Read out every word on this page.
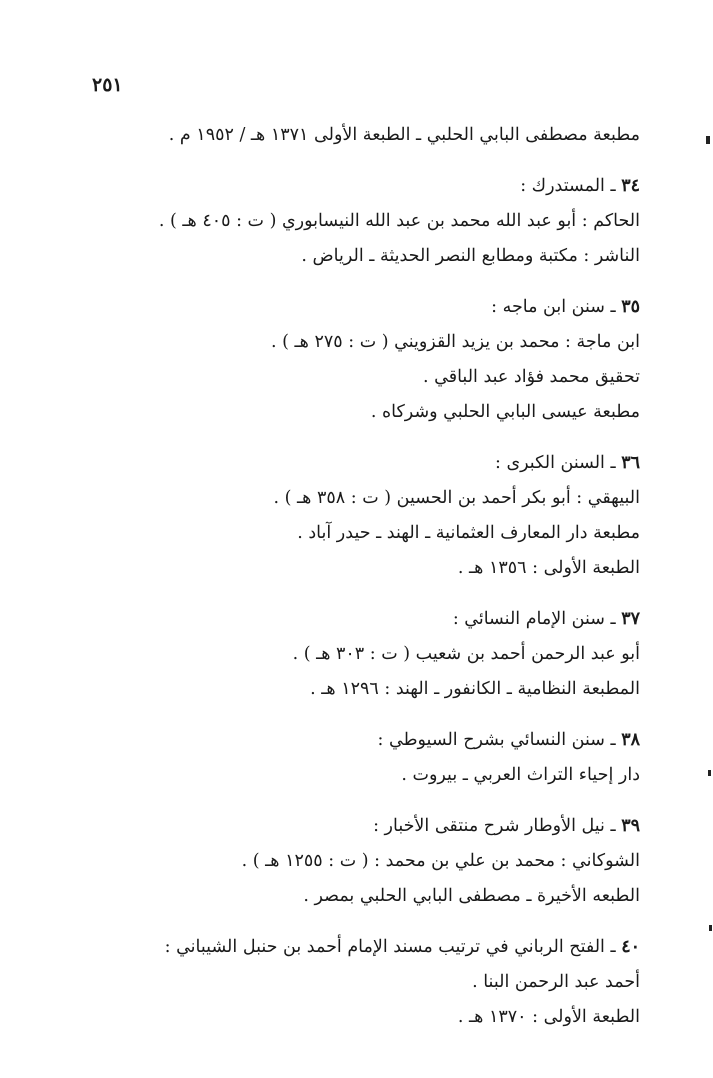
٢٥١
مطبعة مصطفى البابي الحلبي ـ الطبعة الأولى ١٣٧١ هـ / ١٩٥٢ م .
٣٤ ـ المستدرك :
الحاكم : أبو عبد الله محمد بن عبد الله النيسابوري ( ت : ٤٠٥ هـ ) .
الناشر : مكتبة ومطابع النصر الحديثة ـ الرياض .
٣٥ ـ سنن ابن ماجه :
ابن ماجة : محمد بن يزيد القزويني ( ت : ٢٧٥ هـ ) .
تحقيق محمد فؤاد عبد الباقي .
مطبعة عيسى البابي الحلبي وشركاه .
٣٦ ـ السنن الكبرى :
البيهقي : أبو بكر أحمد بن الحسين ( ت : ٣٥٨ هـ ) .
مطبعة دار المعارف العثمانية ـ الهند ـ حيدر آباد .
الطبعة الأولى : ١٣٥٦ هـ .
٣٧ ـ سنن الإمام النسائي :
أبو عبد الرحمن أحمد بن شعيب ( ت : ٣٠٣ هـ ) .
المطبعة النظامية ـ الكانفور ـ الهند : ١٢٩٦ هـ .
٣٨ ـ سنن النسائي بشرح السيوطي :
دار إحياء التراث العربي ـ بيروت .
٣٩ ـ نيل الأوطار شرح منتقى الأخبار :
الشوكاني : محمد بن علي بن محمد : ( ت : ١٢٥٥ هـ ) .
الطبعه الأخيرة ـ مصطفى البابي الحلبي بمصر .
٤٠ ـ الفتح الرباني في ترتيب مسند الإمام أحمد بن حنبل الشيباني :
أحمد عبد الرحمن البنا .
الطبعة الأولى : ١٣٧٠ هـ .
